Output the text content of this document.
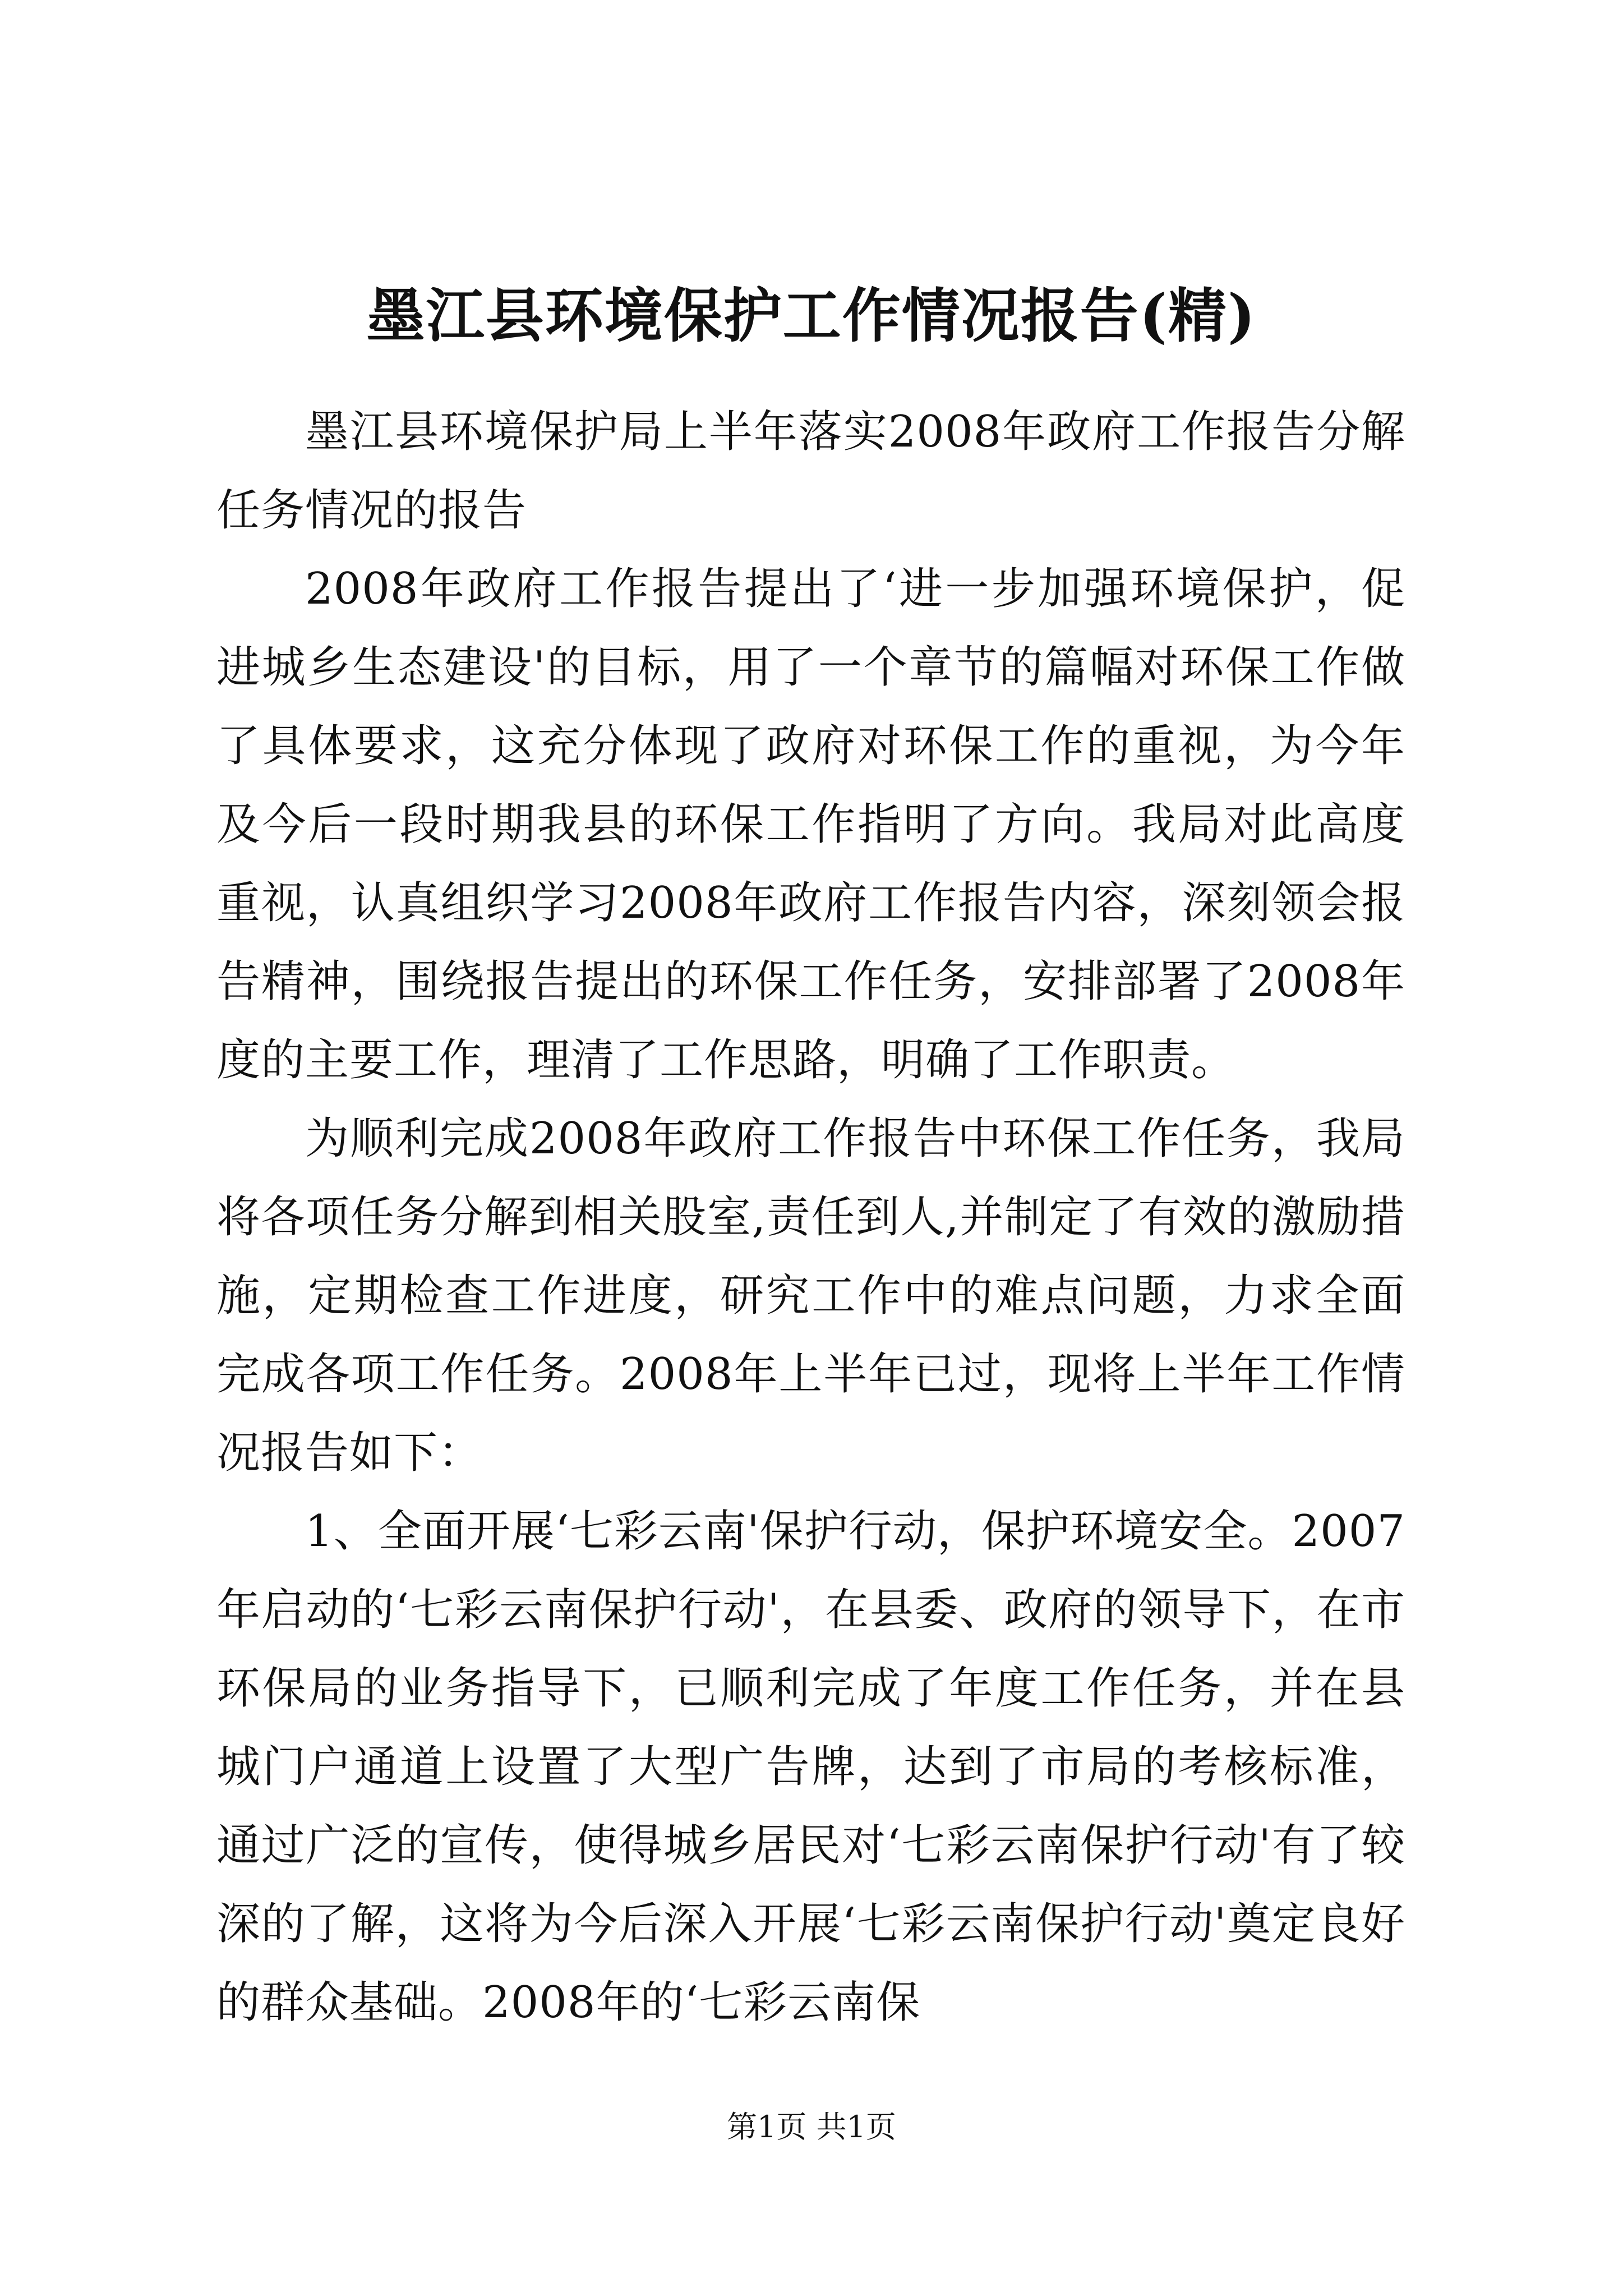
墨江县环境保护工作情况报告(精)

墨江县环境保护局上半年落实2008年政府工作报告分解任务情况的报告

2008年政府工作报告提出了‘进一步加强环境保护，促进城乡生态建设'的目标，用了一个章节的篇幅对环保工作做了具体要求，这充分体现了政府对环保工作的重视，为今年及今后一段时期我县的环保工作指明了方向。我局对此高度重视，认真组织学习2008年政府工作报告内容，深刻领会报告精神，围绕报告提出的环保工作任务，安排部署了2008年度的主要工作，理清了工作思路，明确了工作职责。

为顺利完成2008年政府工作报告中环保工作任务，我局将各项任务分解到相关股室,责任到人,并制定了有效的激励措施，定期检查工作进度，研究工作中的难点问题，力求全面完成各项工作任务。2008年上半年已过，现将上半年工作情况报告如下：

1、全面开展‘七彩云南'保护行动，保护环境安全。2007年启动的‘七彩云南保护行动'，在县委、政府的领导下，在市环保局的业务指导下，已顺利完成了年度工作任务，并在县城门户通道上设置了大型广告牌，达到了市局的考核标准，通过广泛的宣传，使得城乡居民对‘七彩云南保护行动'有了较深的了解，这将为今后深入开展‘七彩云南保护行动'奠定良好的群众基础。2008年的‘七彩云南保

第1页 共1页
